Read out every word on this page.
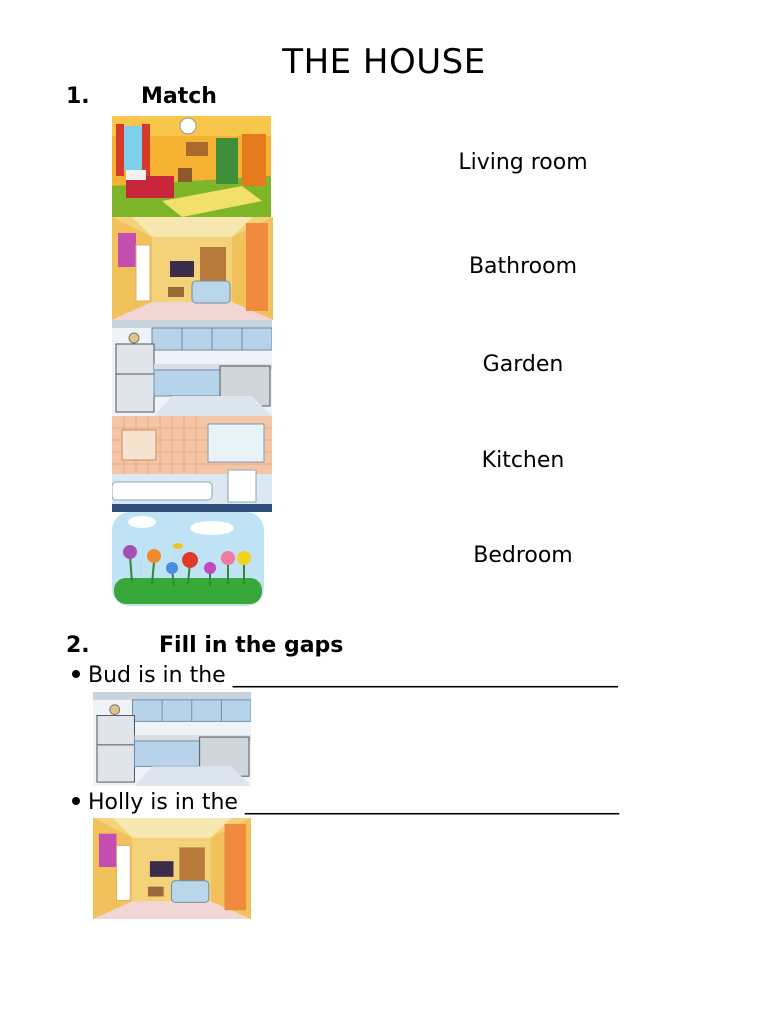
THE HOUSE
1. Match
Living room
Bathroom
Garden
Kitchen
Bedroom
2.	Fill in the gaps
Bud is in the ___________________________________
Holly is in the __________________________________
